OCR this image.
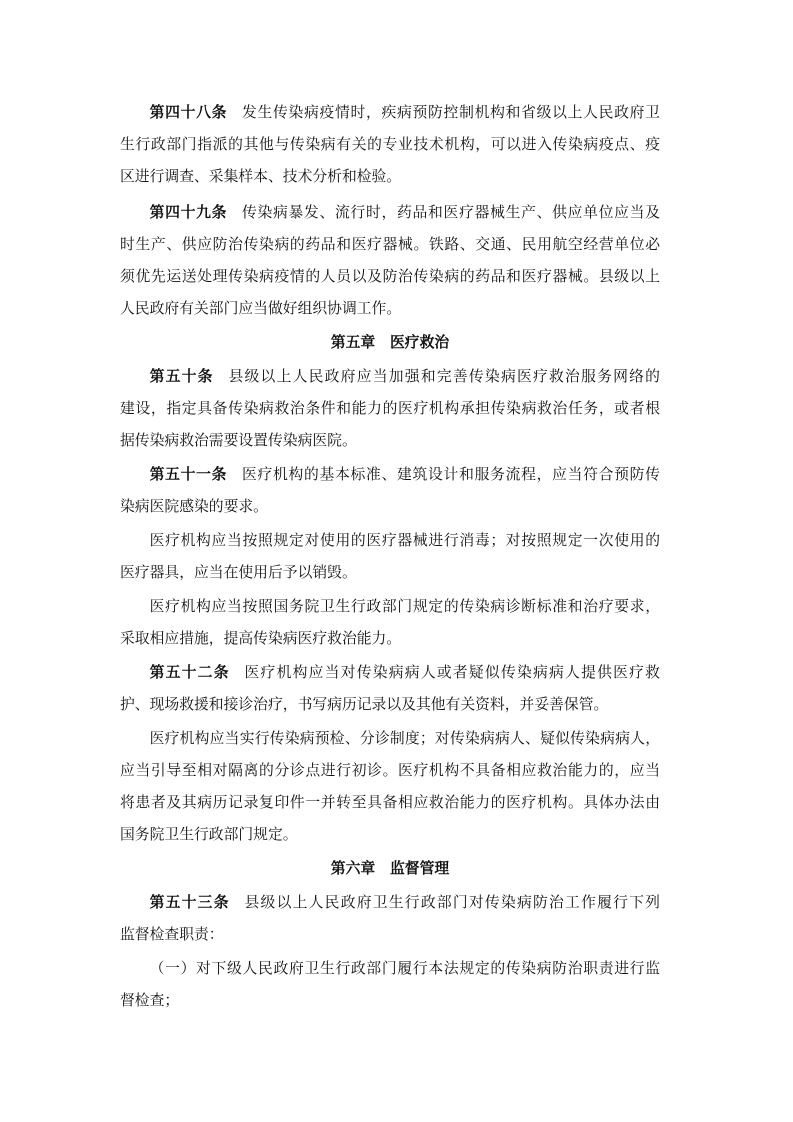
第四十八条 发生传染病疫情时，疾病预防控制机构和省级以上人民政府卫
生行政部门指派的其他与传染病有关的专业技术机构，可以进入传染病疫点、疫
区进行调查、采集样本、技术分析和检验。
第四十九条 传染病暴发、流行时，药品和医疗器械生产、供应单位应当及
时生产、供应防治传染病的药品和医疗器械。铁路、交通、民用航空经营单位必
须优先运送处理传染病疫情的人员以及防治传染病的药品和医疗器械。县级以上
人民政府有关部门应当做好组织协调工作。
第五章　医疗救治
第五十条 县级以上人民政府应当加强和完善传染病医疗救治服务网络的
建设，指定具备传染病救治条件和能力的医疗机构承担传染病救治任务，或者根
据传染病救治需要设置传染病医院。
第五十一条 医疗机构的基本标准、建筑设计和服务流程，应当符合预防传
染病医院感染的要求。
医疗机构应当按照规定对使用的医疗器械进行消毒；对按照规定一次使用的
医疗器具，应当在使用后予以销毁。
医疗机构应当按照国务院卫生行政部门规定的传染病诊断标准和治疗要求，
采取相应措施，提高传染病医疗救治能力。
第五十二条 医疗机构应当对传染病病人或者疑似传染病病人提供医疗救
护、现场救援和接诊治疗，书写病历记录以及其他有关资料，并妥善保管。
医疗机构应当实行传染病预检、分诊制度；对传染病病人、疑似传染病病人，
应当引导至相对隔离的分诊点进行初诊。医疗机构不具备相应救治能力的，应当
将患者及其病历记录复印件一并转至具备相应救治能力的医疗机构。具体办法由
国务院卫生行政部门规定。
第六章　监督管理
第五十三条 县级以上人民政府卫生行政部门对传染病防治工作履行下列
监督检查职责：
（一）对下级人民政府卫生行政部门履行本法规定的传染病防治职责进行监
督检查；
